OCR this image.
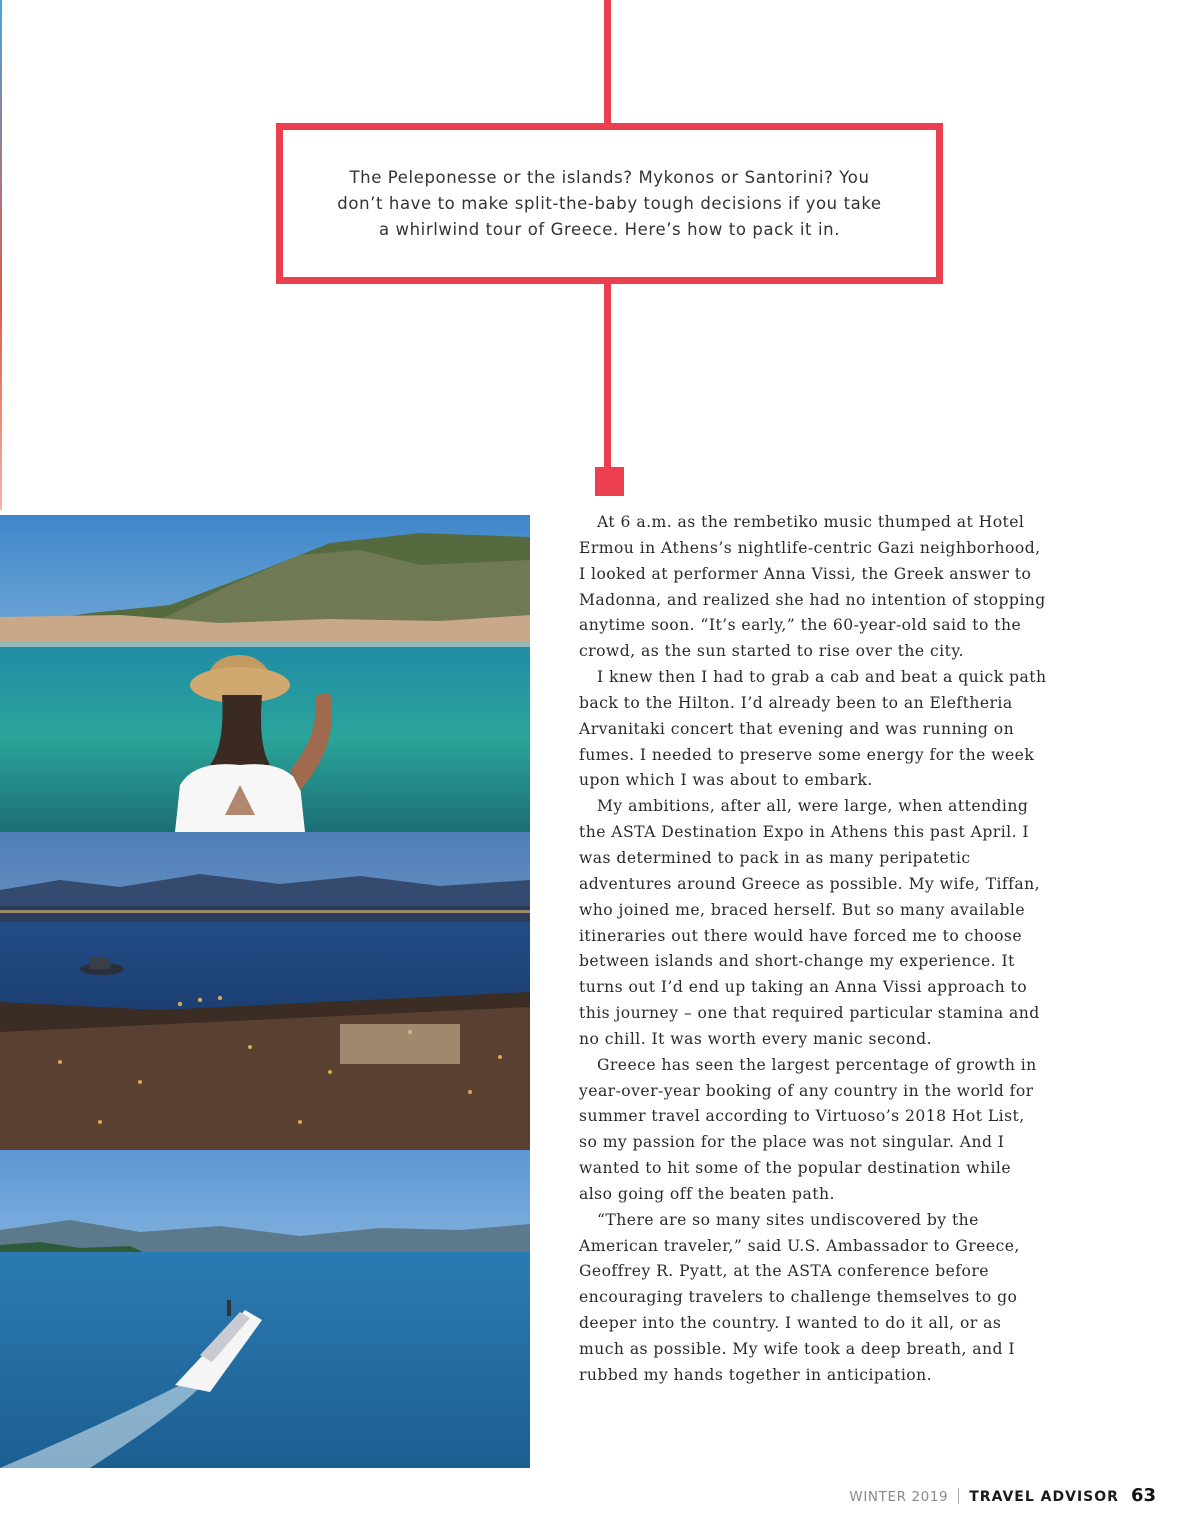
The Peleponesse or the islands? Mykonos or Santorini? You don’t have to make split-the-baby tough decisions if you take a whirlwind tour of Greece. Here’s how to pack it in.

At 6 a.m. as the rembetiko music thumped at Hotel Ermou in Athens’s nightlife-centric Gazi neighborhood, I looked at performer Anna Vissi, the Greek answer to Madonna, and realized she had no intention of stopping anytime soon. “It’s early,” the 60-year-old said to the crowd, as the sun started to rise over the city.

I knew then I had to grab a cab and beat a quick path back to the Hilton. I’d already been to an Eleftheria Arvanitaki concert that evening and was running on fumes. I needed to preserve some energy for the week upon which I was about to embark.

My ambitions, after all, were large, when attending the ASTA Destination Expo in Athens this past April. I was determined to pack in as many peripatetic adventures around Greece as possible. My wife, Tiffan, who joined me, braced herself. But so many available itineraries out there would have forced me to choose between islands and short-change my experience. It turns out I’d end up taking an Anna Vissi approach to this journey – one that required particular stamina and no chill. It was worth every manic second.

Greece has seen the largest percentage of growth in year-over-year booking of any country in the world for summer travel according to Virtuoso’s 2018 Hot List, so my passion for the place was not singular. And I wanted to hit some of the popular destination while also going off the beaten path.

“There are so many sites undiscovered by the American traveler,” said U.S. Ambassador to Greece, Geoffrey R. Pyatt, at the ASTA conference before encouraging travelers to challenge themselves to go deeper into the country. I wanted to do it all, or as much as possible. My wife took a deep breath, and I rubbed my hands together in anticipation.

WINTER 2019 TRAVEL ADVISOR 63
